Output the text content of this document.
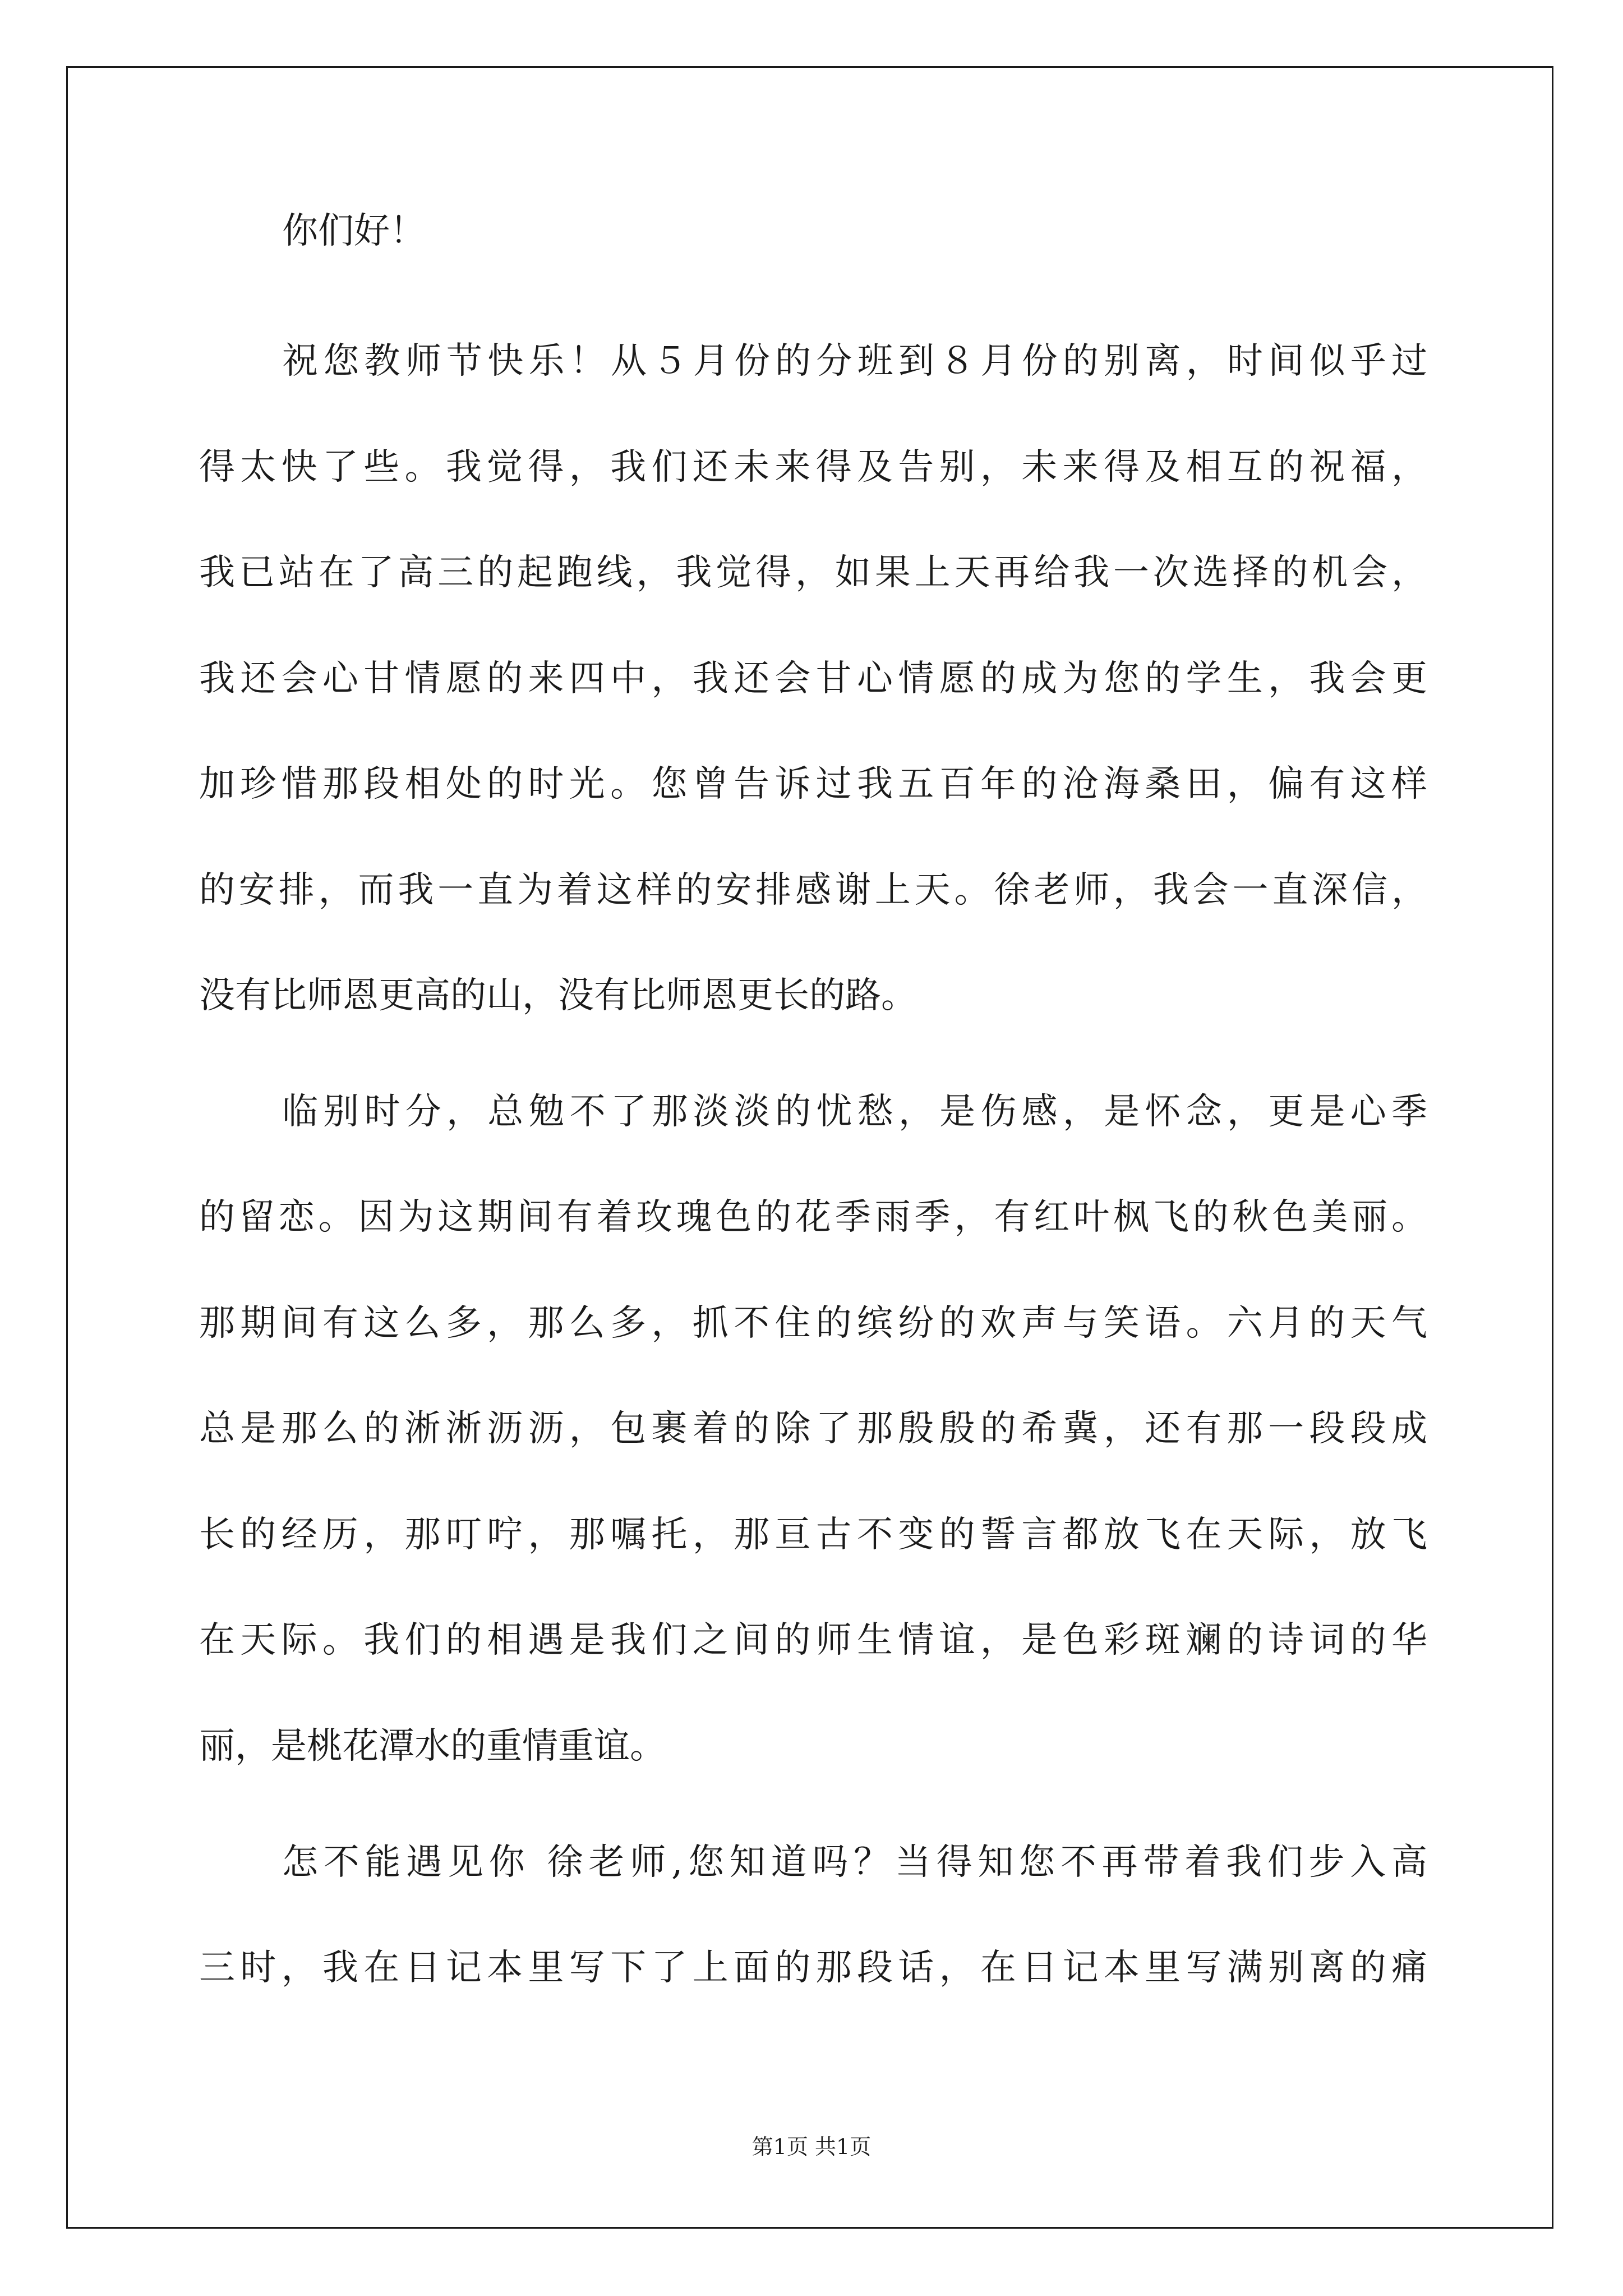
你们好！
祝您教师节快乐！从５月份的分班到８月份的别离，时间似乎过
得太快了些。我觉得，我们还未来得及告别，未来得及相互的祝福，
我已站在了高三的起跑线，我觉得，如果上天再给我一次选择的机会，
我还会心甘情愿的来四中，我还会甘心情愿的成为您的学生，我会更
加珍惜那段相处的时光。您曾告诉过我五百年的沧海桑田，偏有这样
的安排，而我一直为着这样的安排感谢上天。徐老师，我会一直深信，
没有比师恩更高的山，没有比师恩更长的路。
临别时分，总勉不了那淡淡的忧愁，是伤感，是怀念，更是心季
的留恋。因为这期间有着玫瑰色的花季雨季，有红叶枫飞的秋色美丽。
那期间有这么多，那么多，抓不住的缤纷的欢声与笑语。六月的天气
总是那么的淅淅沥沥，包裹着的除了那殷殷的希冀，还有那一段段成
长的经历，那叮咛，那嘱托，那亘古不变的誓言都放飞在天际，放飞
在天际。我们的相遇是我们之间的师生情谊，是色彩斑斓的诗词的华
丽，是桃花潭水的重情重谊。
怎不能遇见你 徐老师,您知道吗？当得知您不再带着我们步入高
三时，我在日记本里写下了上面的那段话，在日记本里写满别离的痛
第1页 共1页
